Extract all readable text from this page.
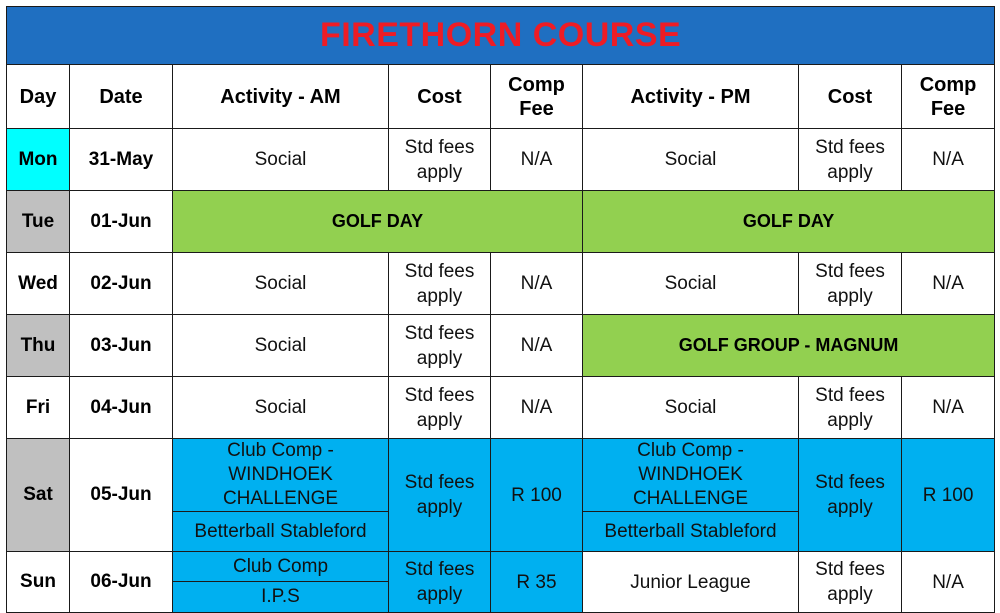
FIRETHORN COURSE							
Day	Date	Activity - AM	Cost	Comp Fee	Activity - PM	Cost	Comp Fee
Mon	31-May	Social	Std fees apply	N/A	Social	Std fees apply	N/A
Tue	01-Jun	GOLF DAY			GOLF DAY		
Wed	02-Jun	Social	Std fees apply	N/A	Social	Std fees apply	N/A
Thu	03-Jun	Social	Std fees apply	N/A	GOLF GROUP - MAGNUM		
Fri	04-Jun	Social	Std fees apply	N/A	Social	Std fees apply	N/A
Sat	05-Jun	Club Comp - WINDHOEK CHALLENGE	Std fees apply	R 100	Club Comp - WINDHOEK CHALLENGE	Std fees apply	R 100
		Betterball Stableford			Betterball Stableford		
Sun	06-Jun	Club Comp	Std fees apply	R 35	Junior League	Std fees apply	N/A
		I.P.S					
